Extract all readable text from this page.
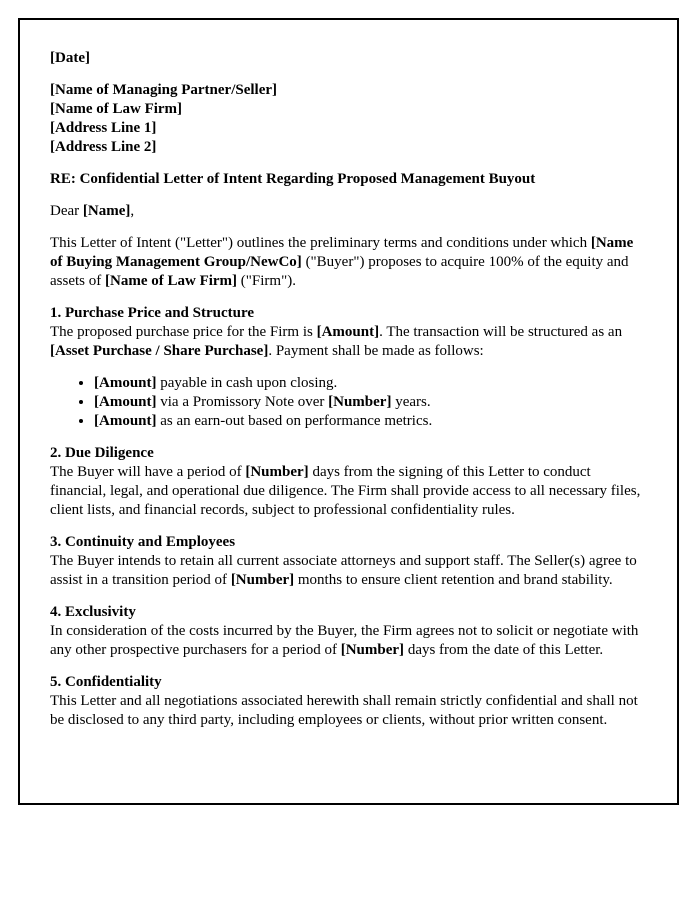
[Date]

[Name of Managing Partner/Seller]
[Name of Law Firm]
[Address Line 1]
[Address Line 2]

RE: Confidential Letter of Intent Regarding Proposed Management Buyout

Dear [Name],

This Letter of Intent ("Letter") outlines the preliminary terms and conditions under which [Name of Buying Management Group/NewCo] ("Buyer") proposes to acquire 100% of the equity and assets of [Name of Law Firm] ("Firm").

1. Purchase Price and Structure

The proposed purchase price for the Firm is [Amount]. The transaction will be structured as an [Asset Purchase / Share Purchase]. Payment shall be made as follows:

• [Amount] payable in cash upon closing.
• [Amount] via a Promissory Note over [Number] years.
• [Amount] as an earn-out based on performance metrics.
2. Due Diligence

The Buyer will have a period of [Number] days from the signing of this Letter to conduct financial, legal, and operational due diligence. The Firm shall provide access to all necessary files, client lists, and financial records, subject to professional confidentiality rules.

3. Continuity and Employees

The Buyer intends to retain all current associate attorneys and support staff. The Seller(s) agree to assist in a transition period of [Number] months to ensure client retention and brand stability.

4. Exclusivity

In consideration of the costs incurred by the Buyer, the Firm agrees not to solicit or negotiate with any other prospective purchasers for a period of [Number] days from the date of this Letter.

5. Confidentiality

This Letter and all negotiations associated herewith shall remain strictly confidential and shall not be disclosed to any third party, including employees or clients, without prior written consent.
